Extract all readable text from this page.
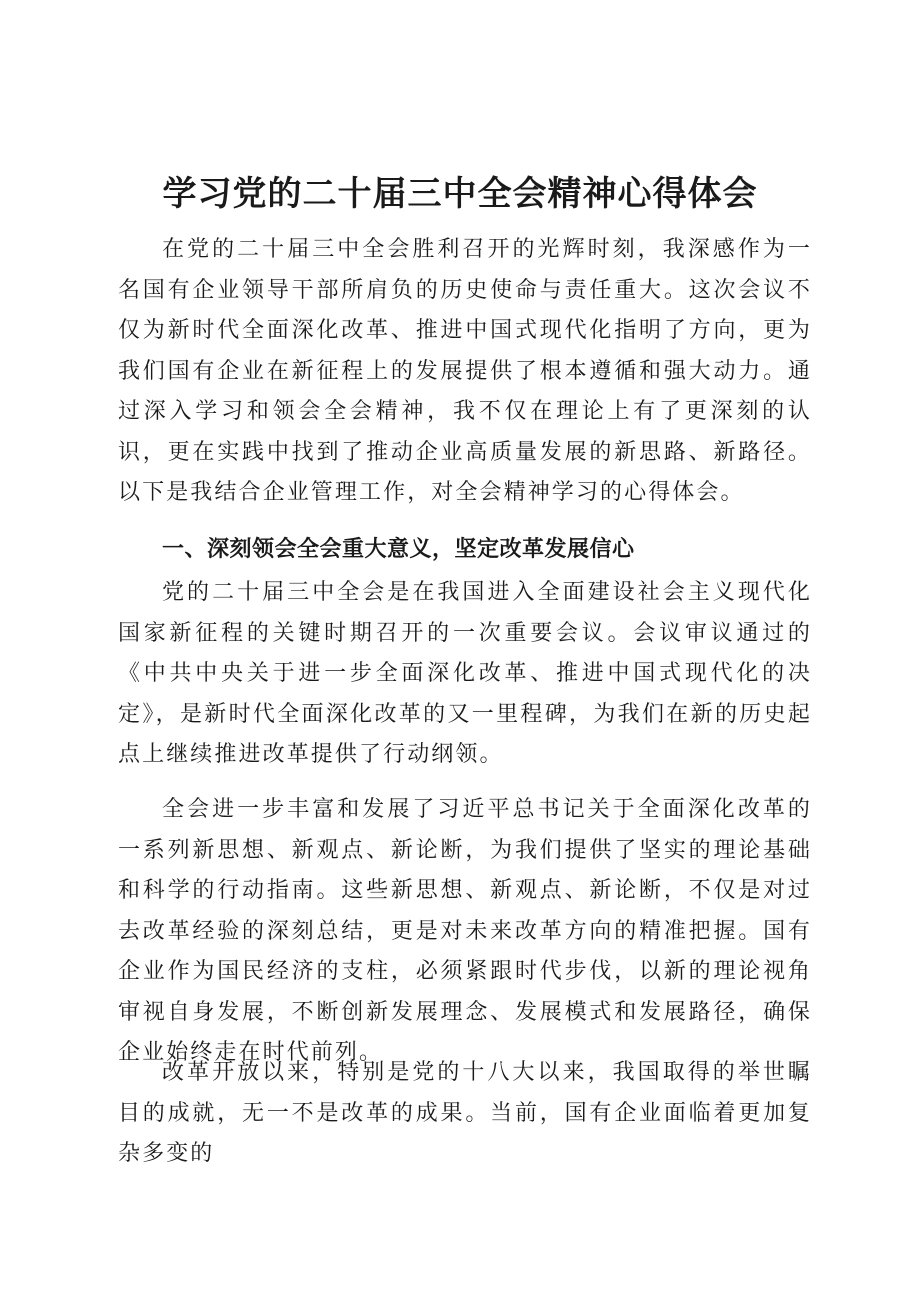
学习党的二十届三中全会精神心得体会

在党的二十届三中全会胜利召开的光辉时刻，我深感作为一名国有企业领导干部所肩负的历史使命与责任重大。这次会议不仅为新时代全面深化改革、推进中国式现代化指明了方向，更为我们国有企业在新征程上的发展提供了根本遵循和强大动力。通过深入学习和领会全会精神，我不仅在理论上有了更深刻的认识，更在实践中找到了推动企业高质量发展的新思路、新路径。以下是我结合企业管理工作，对全会精神学习的心得体会。

一、深刻领会全会重大意义，坚定改革发展信心

党的二十届三中全会是在我国进入全面建设社会主义现代化国家新征程的关键时期召开的一次重要会议。会议审议通过的《中共中央关于进一步全面深化改革、推进中国式现代化的决定》，是新时代全面深化改革的又一里程碑，为我们在新的历史起点上继续推进改革提供了行动纲领。

全会进一步丰富和发展了习近平总书记关于全面深化改革的一系列新思想、新观点、新论断，为我们提供了坚实的理论基础和科学的行动指南。这些新思想、新观点、新论断，不仅是对过去改革经验的深刻总结，更是对未来改革方向的精准把握。国有企业作为国民经济的支柱，必须紧跟时代步伐，以新的理论视角审视自身发展，不断创新发展理念、发展模式和发展路径，确保企业始终走在时代前列。

改革开放以来，特别是党的十八大以来，我国取得的举世瞩目的成就，无一不是改革的成果。当前，国有企业面临着更加复杂多变的
